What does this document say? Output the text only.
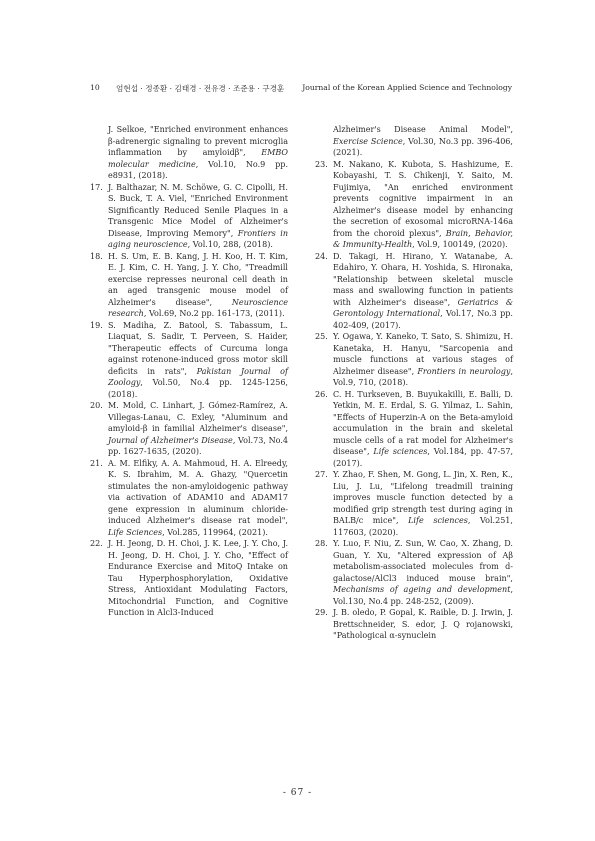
10 엄현섭 · 정종환 · 김태경 · 전유경 · 조준용 · 구경훈 Journal of the Korean Applied Science and Technology
J. Selkoe, "Enriched environment enhances β-adrenergic signaling to prevent microglia inflammation by amyloidβ", EMBO molecular medicine, Vol.10, No.9 pp. e8931, (2018).
17. J. Balthazar, N. M. Schöwe, G. C. Cipolli, H. S. Buck, T. A. Viel, "Enriched Environment Significantly Reduced Senile Plaques in a Transgenic Mice Model of Alzheimer's Disease, Improving Memory", Frontiers in aging neuroscience, Vol.10, 288, (2018).
18. H. S. Um, E. B. Kang, J. H. Koo, H. T. Kim, E. J. Kim, C. H. Yang, J. Y. Cho, "Treadmill exercise represses neuronal cell death in an aged transgenic mouse model of Alzheimer's disease", Neuroscience research, Vol.69, No.2 pp. 161-173, (2011).
19. S. Madiha, Z. Batool, S. Tabassum, L. Liaquat, S. Sadir, T. Perveen, S. Haider, "Therapeutic effects of Curcuma longa against rotenone-induced gross motor skill deficits in rats", Pakistan Journal of Zoology, Vol.50, No.4 pp. 1245-1256, (2018).
20. M. Mold, C. Linhart, J. Gómez-Ramírez, A. Villegas-Lanau, C. Exley, "Aluminum and amyloid-β in familial Alzheimer's disease", Journal of Alzheimer's Disease, Vol.73, No.4 pp. 1627-1635, (2020).
21. A. M. Elfiky, A. A. Mahmoud, H. A. Elreedy, K. S. Ibrahim, M. A. Ghazy, "Quercetin stimulates the non-amyloidogenic pathway via activation of ADAM10 and ADAM17 gene expression in aluminum chloride-induced Alzheimer's disease rat model", Life Sciences, Vol.285, 119964, (2021).
22. J. H. Jeong, D. H. Choi, J. K. Lee, J. Y. Cho, J. H. Jeong, D. H. Choi, J. Y. Cho, "Effect of Endurance Exercise and MitoQ Intake on Tau Hyperphosphorylation, Oxidative Stress, Antioxidant Modulating Factors, Mitochondrial Function, and Cognitive Function in Alcl3-Induced
Alzheimer's Disease Animal Model", Exercise Science, Vol.30, No.3 pp. 396-406, (2021).
23. M. Nakano, K. Kubota, S. Hashizume, E. Kobayashi, T. S. Chikenji, Y. Saito, M. Fujimiya, "An enriched environment prevents cognitive impairment in an Alzheimer's disease model by enhancing the secretion of exosomal microRNA-146a from the choroid plexus", Brain, Behavior, & Immunity-Health, Vol.9, 100149, (2020).
24. D. Takagi, H. Hirano, Y. Watanabe, A. Edahiro, Y. Ohara, H. Yoshida, S. Hironaka, "Relationship between skeletal muscle mass and swallowing function in patients with Alzheimer's disease", Geriatrics & Gerontology International, Vol.17, No.3 pp. 402-409, (2017).
25. Y. Ogawa, Y. Kaneko, T. Sato, S. Shimizu, H. Kanetaka, H. Hanyu, "Sarcopenia and muscle functions at various stages of Alzheimer disease", Frontiers in neurology, Vol.9, 710, (2018).
26. C. H. Turkseven, B. Buyukakilli, E. Balli, D. Yetkin, M. E. Erdal, S. G. Yilmaz, L. Sahin, "Effects of Huperzin-A on the Beta-amyloid accumulation in the brain and skeletal muscle cells of a rat model for Alzheimer's disease", Life sciences, Vol.184, pp. 47-57, (2017).
27. Y. Zhao, F. Shen, M. Gong, L. Jin, X. Ren, K., Liu, J. Lu, "Lifelong treadmill training improves muscle function detected by a modified grip strength test during aging in BALB/c mice", Life sciences, Vol.251, 117603, (2020).
28. Y. Luo, F. Niu, Z. Sun, W. Cao, X. Zhang, D. Guan, Y. Xu, "Altered expression of Aβ metabolism-associated molecules from d-galactose/AlCl3 induced mouse brain", Mechanisms of ageing and development, Vol.130, No.4 pp. 248-252, (2009).
29. J. B. oledo, P. Gopal, K. Raible, D. J. Irwin, J. Brettschneider, S. edor, J. Q rojanowski, "Pathological α-synuclein
- 67 -
